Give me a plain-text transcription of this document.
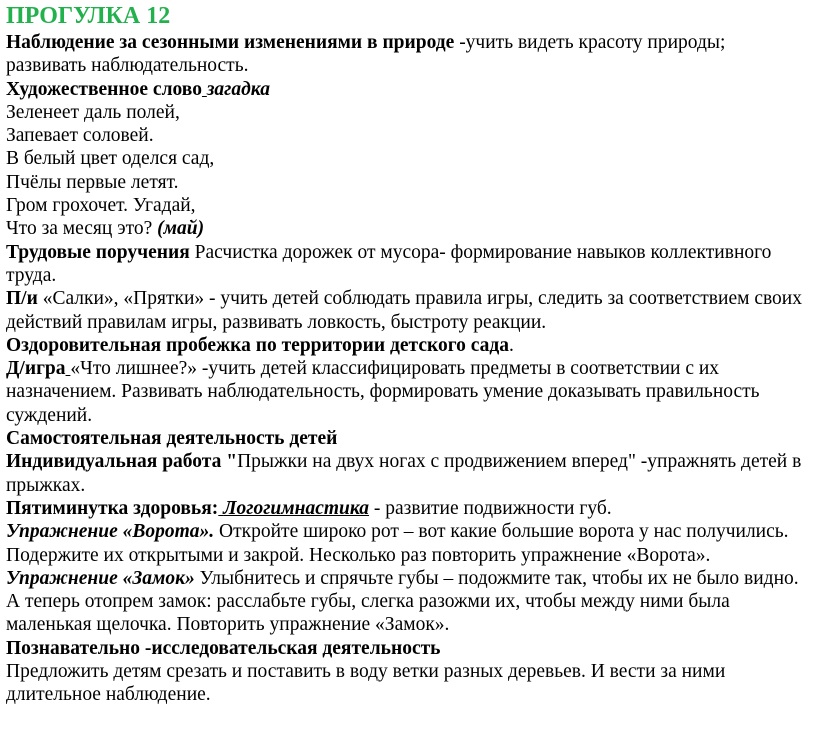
ПРОГУЛКА 12

Наблюдение за сезонными изменениями в природе -учить видеть красоту природы; развивать наблюдательность.

Художественное слово загадка

Зеленеет даль полей,

Запевает соловей.

В белый цвет оделся сад,

Пчёлы первые летят.

Гром грохочет. Угадай,

Что за месяц это? (май)

Трудовые поручения Расчистка дорожек от мусора- формирование навыков коллективного труда.

П/и «Салки», «Прятки» - учить детей соблюдать правила игры, следить за соответствием своих действий правилам игры, развивать ловкость, быстроту реакции.

Оздоровительная пробежка по территории детского сада.

Д/игра «Что лишнее?» -учить детей классифицировать предметы в соответствии с их назначением. Развивать наблюдательность, формировать умение доказывать правильность суждений.

Самостоятельная деятельность детей

Индивидуальная работа "Прыжки на двух ногах с продвижением вперед" -упражнять детей в прыжках.

Пятиминутка здоровья: Логогимнастика - развитие подвижности губ.

Упражнение «Ворота». Откройте широко рот – вот какие большие ворота у нас получились. Подержите их открытыми и закрой. Несколько раз повторить упражнение «Ворота». Упражнение «Замок» Улыбнитесь и спрячьте губы – подожмите так, чтобы их не было видно. А теперь отопрем замок: расслабьте губы, слегка разожми их, чтобы между ними была маленькая щелочка. Повторить упражнение «Замок».

Познавательно -исследовательская деятельность

Предложить детям срезать и поставить в воду ветки разных деревьев. И вести за ними длительное наблюдение.
